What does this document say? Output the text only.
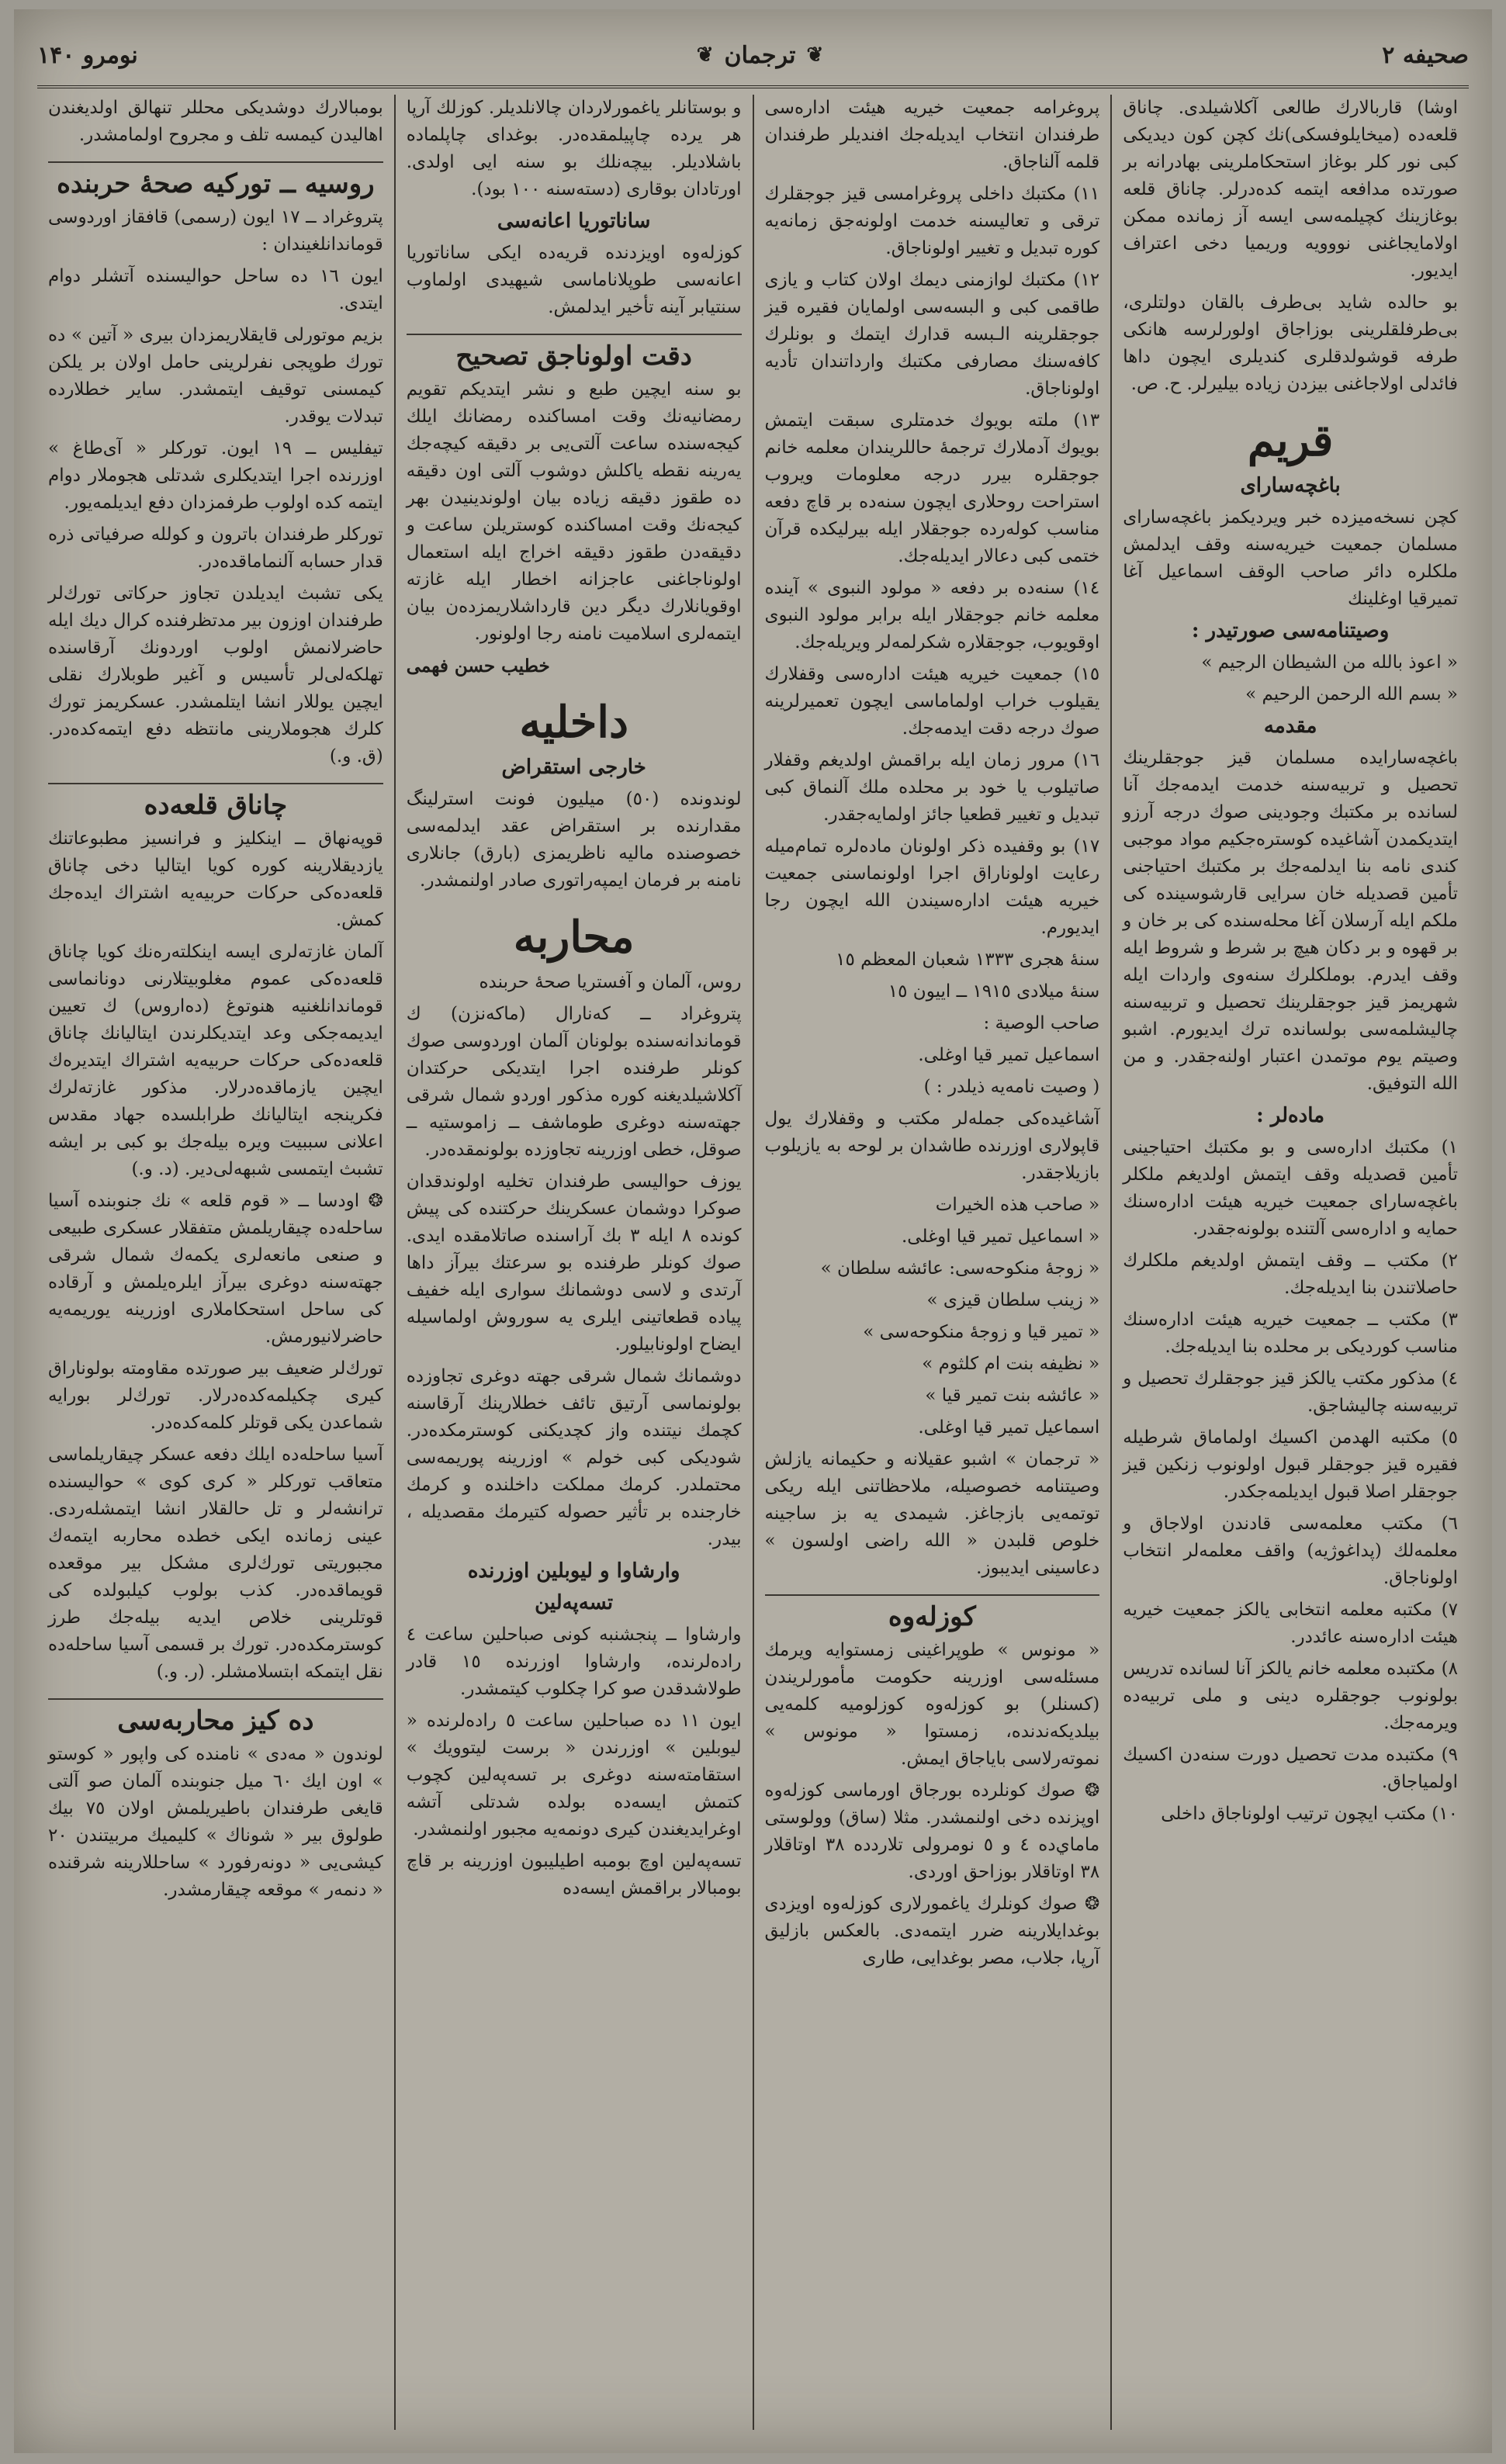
صحيفه ۲
❦
ترجمان
❦
نومرو ۱۴۰

اوشا) قاربالارك طالعی آكلاشيلدی. چاناق قلعه‌ده (ميخايلوفسكی)نك كچن كون ديديكی كبی نور كلر بوغاز استحكاملرينی بهادرانه بر صورتده مدافعه ايتمه كده‌درلر. چاناق قلعه بوغازينك كچيلمه‌سی ايسه آز زمانده ممكن اولامايجاغنی نووويه وريميا دخی اعتراف ايديور.

بو حالده شايد بی‌طرف بالقان دولتلری، بی‌طرفلقلرينی بوزاجاق اولورلرسه هانكی طرفه قوشولدقلری كنديلری ايچون داها فائدلی اولاجاغنی بيزدن زياده بيليرلر. ح. ص.

قريم
باغچه‌سارای

كچن نسخه‌ميزده خبر ويرديكمز باغچه‌سارای مسلمان جمعيت خيريه‌سنه وقف ايدلمش ملكلره دائر صاحب الوقف اسماعيل آغا تميرقيا اوغلينك

وصيتنامه‌سی صورتيدر :

« اعوذ بالله من الشيطان الرجيم »

« بسم الله الرحمن الرحيم »

مقدمه

باغچه‌سارايده مسلمان قيز جوجقلرينك تحصيل و تربيه‌سنه خدمت ايدمه‌جك آنا لسانده بر مكتبك وجودينی صوك درجه آرزو ايتديكمدن آشاغيده كوستره‌جكيم مواد موجبی كندی نامه بنا ايدلمه‌جك بر مكتبك احتياجنی تأمين قصديله خان سرايی قارشوسينده كی ملكم ايله آرسلان آغا محله‌سنده كی بر خان و بر قهوه و بر دكان هيچ بر شرط و شروط ايله وقف ايدرم. بوملكلرك سنه‌وی واردات ايله شهريمز قيز جوجقلرينك تحصيل و تربيه‌سنه چاليشلمه‌سی بولسانده ترك ايديورم. اشبو وصيتم يوم موتمدن اعتبار اولنه‌جقدر. و من الله التوفيق.

ماده‌لر :

۱) مكتبك اداره‌سی و بو مكتبك احتياجينی تأمين قصديله وقف ايتمش اولديغم ملكلر باغچه‌سارای جمعيت خيريه هيئت اداره‌سنك حمايه و اداره‌سی آلتنده بولونه‌جقدر.

۲) مكتب ــ وقف ايتمش اولديغم ملكلرك حاصلاتندن بنا ايديله‌جك.

۳) مكتب ــ جمعيت خيريه هيئت اداره‌سنك مناسب كورديكی بر محلده بنا ايديله‌جك.

٤) مذكور مكتب يالكز قيز جوجقلرك تحصيل و تربيه‌سنه چاليشاجق.

٥) مكتبه الهدمن اكسيك اولماماق شرطيله فقيره قيز جوجقلر قبول اولونوب زنكين قيز جوجقلر اصلا قبول ايديلمه‌جكدر.

٦) مكتب معلمه‌سی قادندن اولاجاق و معلمه‌لك (پداغوژيه) واقف معلمه‌لر انتخاب اولوناجاق.

۷) مكتبه معلمه انتخابی يالكز جمعيت خيريه هيئت اداره‌سنه عائددر.

۸) مكتبده معلمه خانم يالكز آنا لسانده تدريس بولونوب جوجقلره دينی و ملی تربيه‌ده ويرمه‌جك.

۹) مكتبده مدت تحصيل دورت سنه‌دن اكسيك اولمياجاق.

۱۰) مكتب ايچون ترتيب اولوناجاق داخلی

پروغرامه جمعيت خيريه هيئت اداره‌سی طرفندان انتخاب ايديله‌جك افنديلر طرفندان قلمه آلناجاق.

۱۱) مكتبك داخلی پروغرامسی قيز جوجقلرك ترقی و تعاليسنه خدمت اولونه‌جق زمانه‌يه كوره تبديل و تغيير اولوناجاق.

۱۲) مكتبك لوازمنی ديمك اولان كتاب و يازی طاقمی كبی و البسه‌سی اولمايان فقيره قيز جوجقلرينه الـبسه قدارك ايتمك و بونلرك كافه‌سنك مصارفی مكتبك وارداتندان تأديه اولوناجاق.

۱۳) ملته بويوك خدمتلری سبقت ايتمش بويوك آدملارك ترجمهٔ حاللريندان معلمه خانم جوجقلره بيرر درجه معلومات ويروب استراحت روحلاری ايچون سنه‌ده بر قاچ دفعه مناسب كوله‌رده جوجقلار ايله بيرليكده قرآن ختمی كبی دعالار ايديله‌جك.

۱٤) سنه‌ده بر دفعه « مولود النبوی » آينده معلمه خانم جوجقلار ايله برابر مولود النبوی اوقويوب، جوجقلاره شكرلمه‌لر ويريله‌جك.

۱٥) جمعيت خيريه هيئت اداره‌سی وقفلارك يقيلوب خراب اولماماسی ايچون تعميرلرينه صوك درجه دقت ايدمه‌جك.

۱٦) مرور زمان ايله براقمش اولديغم وقفلار صاتيلوب يا خود بر محلده ملك آلنماق كبی تبديل و تغيير قطعيا جائز اولمايه‌جقدر.

۱۷) بو وقفيده ذكر اولونان ماده‌لره تمام‌ميله رعايت اولوناراق اجرا اولونماسنی جمعيت خيريه هيئت اداره‌سيندن الله ايچون رجا ايديورم.

سنهٔ هجری ۱۳۳۳ شعبان المعظم ۱٥

سنهٔ ميلادی ۱۹۱٥ ــ اييون ۱٥

صاحب الوصية :

اسماعيل تمير قيا اوغلی.

( وصيت نامه‌يه ذيلدر : )

آشاغيده‌كی جمله‌لر مكتب و وقفلارك يول قاپولاری اوزرنده طاشدان بر لوحه به يازيلوب بازيلاجقدر.

« صاحب هذه الخيرات

« اسماعيل تمير قيا اوغلی.

« زوجهٔ منكوحه‌سی: عائشه سلطان »

« زينب سلطان قيزی »

« تمير قيا و زوجهٔ منكوحه‌سی »

« نظيفه بنت ام كلثوم »

« عائشه بنت تمير قيا »

اسماعيل تمير قيا اوغلی.

« ترجمان » اشبو عقيلانه و حكيمانه يازلش وصيتنامه خصوصيله، ملاحظاتنی ايله ريكی توتمه‌يی بازجاغز. شيمدی يه بز ساجينه خلوص قلبدن « الله راضی اولسون » دعاسينی ايديبوز.

كوزله‌وه

« مونوس » طوپراغينی زمستوايه ويرمك مسئله‌سی اوزرينه حكومت مأمورلريندن (كسنلر) بو كوزله‌وه كوزلوميه كلمه‌يی بيلديكه‌ندنده، زمستوا « مونوس » نموته‌رلاسی باياجاق ايمش.

❂ صوك كونلرده بورجاق اورماسی كوزله‌وه اوپزنده دخی اولنمشدر. مثلا (ساق) وولوستی ماماي‌ده ٤ و ٥ نومرولی تلاردده ۳۸ اوتاقلار ۳۸ اوتاقلار بوزاحق اوردی.

❂ صوك كونلرك ياغمورلاری كوزله‌وه اويزدی بوغدايلارينه ضرر ايتمه‌دی. بالعكس بازليق آرپا، جلاب، مصر بوغدايی، طاری

و بوستانلر ياغمورلاردان چالانلديلر. كوزلك آرپا هر يرده چاپيلمقده‌در. بوغدای چاپلماده باشلاديلر. بيچه‌نلك بو سنه ايی اولدی. اورتادان بوقاری (دسته‌سنه ۱۰۰ بود).

ساناتوريا اعانه‌سی

كوزله‌وه اويزدنده قريه‌ده ايكی ساناتوريا اعانه‌سی طوپلاناماسی شيهيدی اولماوب سنتيابر آينه تأخير ايدلمش.

دقت اولوناجق تصحيح

بو سنه ايچين طبع و نشر ايتديكم تقويم رمضانيه‌نك وقت امساكنده رمضانك ايلك كيجه‌سنده ساعت آلتی‌يی بر دقيقه كيچه‌جك يه‌رينه نقطه ياكلش دوشوب آلتی اون دقيقه ده طقوز دقيقه زياده بيان اولوندينيدن بهر كيجه‌نك وقت امساكنده كوستريلن ساعت و دقيقه‌دن طقوز دقيقه اخراج ايله استعمال اولوناجاغنی عاجزانه اخطار ايله غازته اوقويانلارك ديگر دين قارداشلاريمزده‌ن بيان ايتمه‌لری اسلاميت نامنه رجا اولونور.

خطيب حسن فهمی
داخليه
خارجی استقراض

لوندونده (٥٠) ميليون فونت استرلينگ مقدارنده بر استقراض عقد ايدلمه‌سی خصوصنده ماليه ناظريمزی (بارق) جانلاری نامنه بر فرمان ايمپه‌راتوری صادر اولنمشدر.

محاربه

روس، آلمان و آفستريا صحهٔ حربنده

پتروغراد ــ كه‌نارال (ماكه‌نزن) ك قوماندانه‌سنده بولونان آلمان اوردوسی صوك كونلر طرفنده اجرا ايتديكی حركتدان آكلاشيلديغنه كوره مذكور اوردو شمال شرقی جهته‌سنه دوغری طوماشف ــ زاموستيه ــ صوقل، خطی اوزرينه تجاوزده بولونمقده‌در.

يوزف حواليسی طرفندان تخليه اولوندقدان صوكرا دوشمان عسكرينك حركتنده كی پيش كونده ۸ ايله ۳ بك آراسنده صاتلامقده ايدی. صوك كونلر طرفنده بو سرعتك بيرآز داها آرتدی و لاسی دوشمانك سواری ايله خفيف پياده قطعاتينی ايلری يه سوروش اولماسيله ايضاح اولونابيلور.

دوشمانك شمال شرقی جهته دوغری تجاوزده بولونماسی آرتيق تائف خطلارينك آرقاسنه كچمك نيتنده واز كچديكنی كوسترمكده‌در. شوديكی كبی خولم » اوزرينه پوريمه‌سی محتملدر. كرمك مملكت داخلنده و كرمك خارجنده بر تأثير حصوله كتيرمك مقصديله ، بيدر.

وارشاوا و ليوبلين اوزرنده
تسه‌په‌لين

وارشاوا ــ پنجشنبه كونی صباحلين ساعت ٤ راده‌لرنده، وارشاوا اوزرنده ۱٥ قادر طولاشدقدن صو كرا چكلوب كيتمشدر.

ايون ۱۱ ده صباحلين ساعت ٥ راده‌لرنده « ليوبلين » اوزرندن « برست ليتوويك » استقامته‌سنه دوغری بر تسه‌په‌لين كچوب كتمش ايسه‌ده بولده شدتلی آتشه اوغرايديغندن كيری دونمه‌يه مجبور اولنمشدر.

تسه‌په‌لين اوچ بومبه اطيليبون اوزرينه بر قاچ بومبالار براقمش ايسه‌ده

بومبالارك دوشديكی محللر تنهالق اولديغندن اهاليدن كيمسه تلف و مجروح اولمامشدر.

روسيه ــ توركيه صحهٔ حربنده

پتروغراد ــ ۱۷ ايون (رسمی) قافقاز اوردوسی قوماندانلغيندان :

ايون ۱٦ ده ساحل حواليسنده آتشلر دوام ايتدی.

بزيم موتورلی قايقلاريمزدان بيری « آتين » ده تورك طوپجی نفرلرينی حامل اولان بر يلكن كيمسنی توقيف ايتمشدر. ساير خطلارده تبدلات يوقدر.

تيفليس ــ ۱۹ ايون. توركلر « آی‌طاغ » اوزرنده اجرا ايتديكلری شدتلی هجوملار دوام ايتمه كده اولوب طرفمزدان دفع ايديلمه‌يور.

توركلر طرفندان باترون و كولله صرفياتی ذره قدار حسابه آلنماماقده‌در.

يكی تشبث ايديلدن تجاوز حركاتی تورك‌لر طرفندان اوزون بير مدتظرفنده كرال ديك ايله حاضرلانمش اولوب اوردونك آرقاسنده تهلكه‌لی‌لر تأسيس و آغير طوبلارك نقلی ايچين يوللار انشا ايتلمشدر. عسكريمز تورك كلرك هجوملارينی مانتظه دفع ايتمه‌كده‌در. (ق. و.)

چاناق قلعه‌ده

قوپه‌نهاق ــ اينكليز و فرانسيز مطبوعاتنك يازديقلارينه كوره كويا ايتاليا دخی چاناق قلعه‌ده‌كی حركات حربيه‌يه اشتراك ايده‌جك كمش.

آلمان غازته‌لری ايسه اينكلته‌ره‌نك كويا چاناق قلعه‌ده‌كی عموم مغلوبيتلارنی دونانماسی قوماندانلغنيه هنوتوغ (ده‌اروس) ك تعيين ايديمه‌جكی وعد ايتديكلرندن ايتاليانك چاناق قلعه‌ده‌كی حركات حربيه‌يه اشتراك ايتديره‌ك ايچين يازماقده‌درلار. مذكور غازته‌لرك فكرينجه ايتاليانك طرابلسده جهاد مقدس اعلانی سببيت ويره بيله‌جك بو كبی بر ايشه تشبث ايتمسی شبهه‌لی‌دير. (د. و.)

❂ اودسا ــ « قوم قلعه » نك جنوبنده آسيا ساحله‌ده چيقاريلمش متفقلار عسكری طبيعی و صنعی مانعه‌لری يكمه‌ك شمال شرقی جهته‌سنه دوغری بيرآز ايلره‌يلمش و آرقاده كی ساحل استحكاملاری اوزرينه يوريمه‌يه حاضرلانيورمش.

تورك‌لر ضعيف بير صورتده مقاومته بولوناراق كيری چكيلمه‌كده‌درلار. تورك‌لر بورايه شماعدن يكی قوتلر كلمه‌كده‌در.

آسيا ساحله‌ده ايلك دفعه عسكر چيقاريلماسی متعاقب توركلر « كری كوی » حواليسنده ترانشه‌لر و تل حالقلار انشا ايتمشله‌ردی. عينی زمانده ايكی خطده محاربه ايتمه‌ك مجبوريتی تورك‌لری مشكل بير موقعده قويماقده‌در. كذب بولوب كيلبولده كی قوتلرينی خلاص ايديه بيله‌جك طرز كوسترمكده‌در. تورك بر قسمی آسيا ساحله‌ده نقل ايتمكه ابتسلامشلر. (ر. و.)

ده كيز محاربه‌سی

لوندون « مه‌دی » نامنده كی واپور « كوستو » اون ايك ٦٠ ميل جنوبنده آلمان صو آلتی قايغی طرفندان باطيريلمش اولان ٧٥ بيك طولوق بير « شوناك » كليميك مربيتندن ٢٠ كيشی‌يی « دونه‌رفورد » ساحللارينه شرقنده « دنمه‌ر » موقعه چيقارمشدر.
